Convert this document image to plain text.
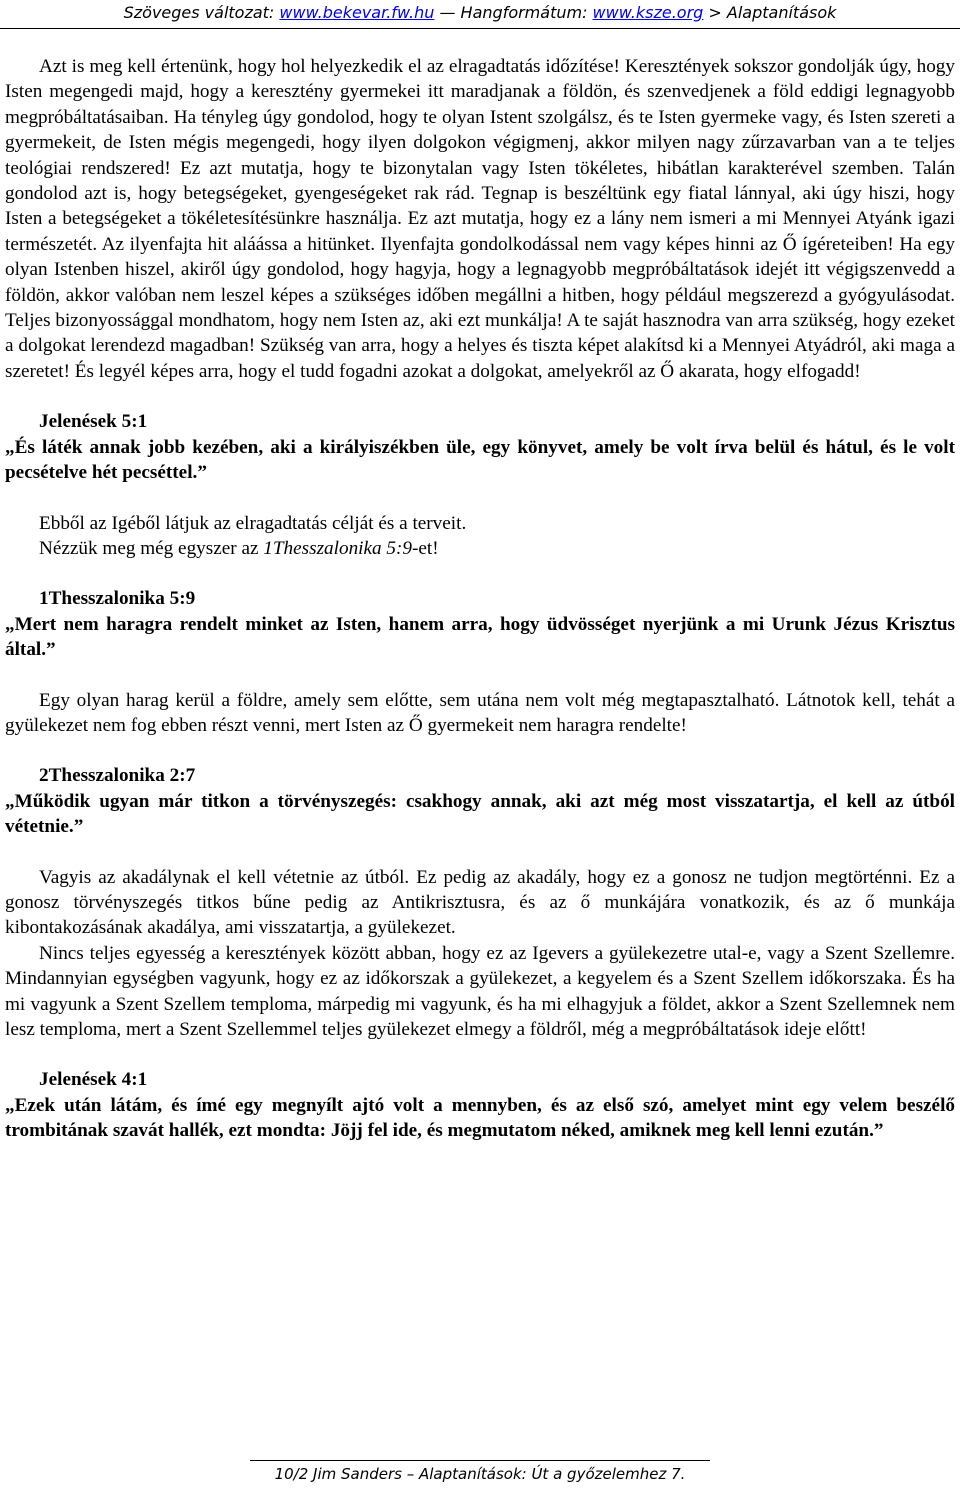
Szöveges változat: www.bekevar.fw.hu — Hangformátum: www.ksze.org > Alaptanítások

Azt is meg kell értenünk, hogy hol helyezkedik el az elragadtatás időzítése! Keresztények sokszor gondolják úgy, hogy Isten megengedi majd, hogy a keresztény gyermekei itt maradjanak a földön, és szenvedjenek a föld eddigi legnagyobb megpróbáltatásaiban. Ha tényleg úgy gondolod, hogy te olyan Istent szolgálsz, és te Isten gyermeke vagy, és Isten szereti a gyermekeit, de Isten mégis megengedi, hogy ilyen dolgokon végigmenj, akkor milyen nagy zűrzavarban van a te teljes teológiai rendszered! Ez azt mutatja, hogy te bizonytalan vagy Isten tökéletes, hibátlan karakterével szemben. Talán gondolod azt is, hogy betegségeket, gyengeségeket rak rád. Tegnap is beszéltünk egy fiatal lánnyal, aki úgy hiszi, hogy Isten a betegségeket a tökéletesítésünkre használja. Ez azt mutatja, hogy ez a lány nem ismeri a mi Mennyei Atyánk igazi természetét. Az ilyenfajta hit aláássa a hitünket. Ilyenfajta gondolkodással nem vagy képes hinni az Ő ígéreteiben! Ha egy olyan Istenben hiszel, akiről úgy gondolod, hogy hagyja, hogy a legnagyobb megpróbáltatások idejét itt végigszenvedd a földön, akkor valóban nem leszel képes a szükséges időben megállni a hitben, hogy például megszerezd a gyógyulásodat. Teljes bizonyossággal mondhatom, hogy nem Isten az, aki ezt munkálja! A te saját hasznodra van arra szükség, hogy ezeket a dolgokat lerendezd magadban! Szükség van arra, hogy a helyes és tiszta képet alakítsd ki a Mennyei Atyádról, aki maga a szeretet! És legyél képes arra, hogy el tudd fogadni azokat a dolgokat, amelyekről az Ő akarata, hogy elfogadd!

Jelenések 5:1

„És láték annak jobb kezében, aki a királyiszékben üle, egy könyvet, amely be volt írva belül és hátul, és le volt pecsételve hét pecséttel.”

Ebből az Igéből látjuk az elragadtatás célját és a terveit.

Nézzük meg még egyszer az 1Thesszalonika 5:9-et!

1Thesszalonika 5:9

„Mert nem haragra rendelt minket az Isten, hanem arra, hogy üdvösséget nyerjünk a mi Urunk Jézus Krisztus által.”

Egy olyan harag kerül a földre, amely sem előtte, sem utána nem volt még megtapasztalható. Látnotok kell, tehát a gyülekezet nem fog ebben részt venni, mert Isten az Ő gyermekeit nem haragra rendelte!

2Thesszalonika 2:7

„Működik ugyan már titkon a törvényszegés: csakhogy annak, aki azt még most visszatartja, el kell az útból vétetnie.”

Vagyis az akadálynak el kell vétetnie az útból. Ez pedig az akadály, hogy ez a gonosz ne tudjon megtörténni. Ez a gonosz törvényszegés titkos bűne pedig az Antikrisztusra, és az ő munkájára vonatkozik, és az ő munkája kibontakozásának akadálya, ami visszatartja, a gyülekezet.

Nincs teljes egyesség a keresztények között abban, hogy ez az Igevers a gyülekezetre utal-e, vagy a Szent Szellemre. Mindannyian egységben vagyunk, hogy ez az időkorszak a gyülekezet, a kegyelem és a Szent Szellem időkorszaka. És ha mi vagyunk a Szent Szellem temploma, márpedig mi vagyunk, és ha mi elhagyjuk a földet, akkor a Szent Szellemnek nem lesz temploma, mert a Szent Szellemmel teljes gyülekezet elmegy a földről, még a megpróbáltatások ideje előtt!

Jelenések 4:1

„Ezek után látám, és ímé egy megnyílt ajtó volt a mennyben, és az első szó, amelyet mint egy velem beszélő trombitának szavát hallék, ezt mondta: Jöjj fel ide, és megmutatom néked, amiknek meg kell lenni ezután.”

10/2 Jim Sanders – Alaptanítások: Út a győzelemhez 7.
